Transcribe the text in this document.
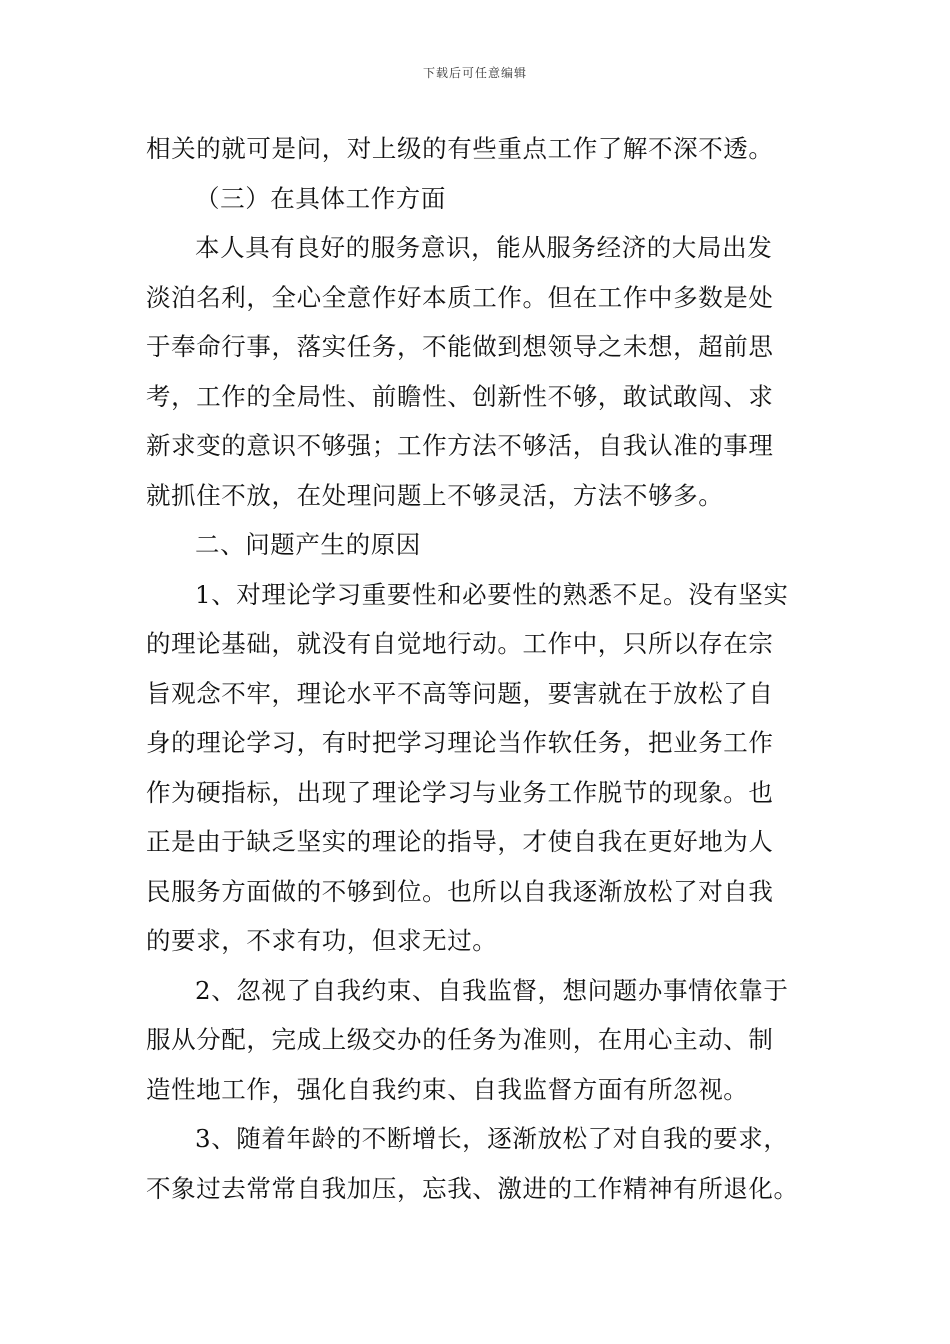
下载后可任意编辑
相关的就可是问，对上级的有些重点工作了解不深不透。
（三）在具体工作方面
本人具有良好的服务意识，能从服务经济的大局出发
淡泊名利，全心全意作好本质工作。但在工作中多数是处
于奉命行事，落实任务，不能做到想领导之未想，超前思
考，工作的全局性、前瞻性、创新性不够，敢试敢闯、求
新求变的意识不够强；工作方法不够活，自我认准的事理
就抓住不放，在处理问题上不够灵活，方法不够多。
二、问题产生的原因
1、对理论学习重要性和必要性的熟悉不足。没有坚实
的理论基础，就没有自觉地行动。工作中，只所以存在宗
旨观念不牢，理论水平不高等问题，要害就在于放松了自
身的理论学习，有时把学习理论当作软任务，把业务工作
作为硬指标，出现了理论学习与业务工作脱节的现象。也
正是由于缺乏坚实的理论的指导，才使自我在更好地为人
民服务方面做的不够到位。也所以自我逐渐放松了对自我
的要求，不求有功，但求无过。
2、忽视了自我约束、自我监督，想问题办事情依靠于
服从分配，完成上级交办的任务为准则，在用心主动、制
造性地工作，强化自我约束、自我监督方面有所忽视。
3、随着年龄的不断增长，逐渐放松了对自我的要求，
不象过去常常自我加压，忘我、激进的工作精神有所退化。
